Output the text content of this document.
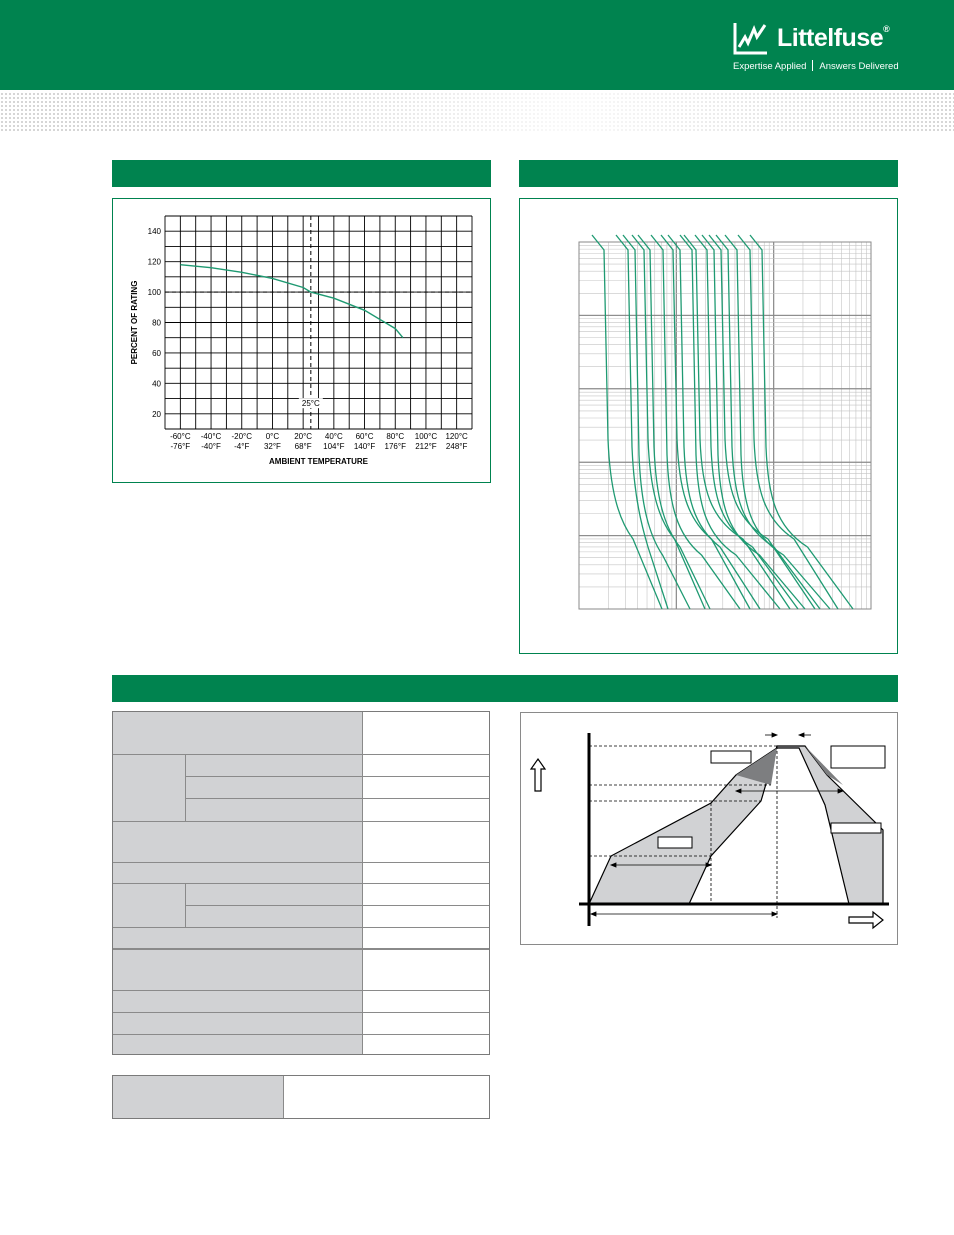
Littelfuse®
Expertise Applied Answers Delivered
20
40
60
80
100
120
140
-60°C
-76°F
-40°C
-40°F
-20°C
-4°F
0°C
32°F
20°C
68°F
40°C
104°F
60°C
140°F
80°C
176°F
100°C
212°F
120°C
248°F
25°C
PERCENT OF RATING
AMBIENT TEMPERATURE
